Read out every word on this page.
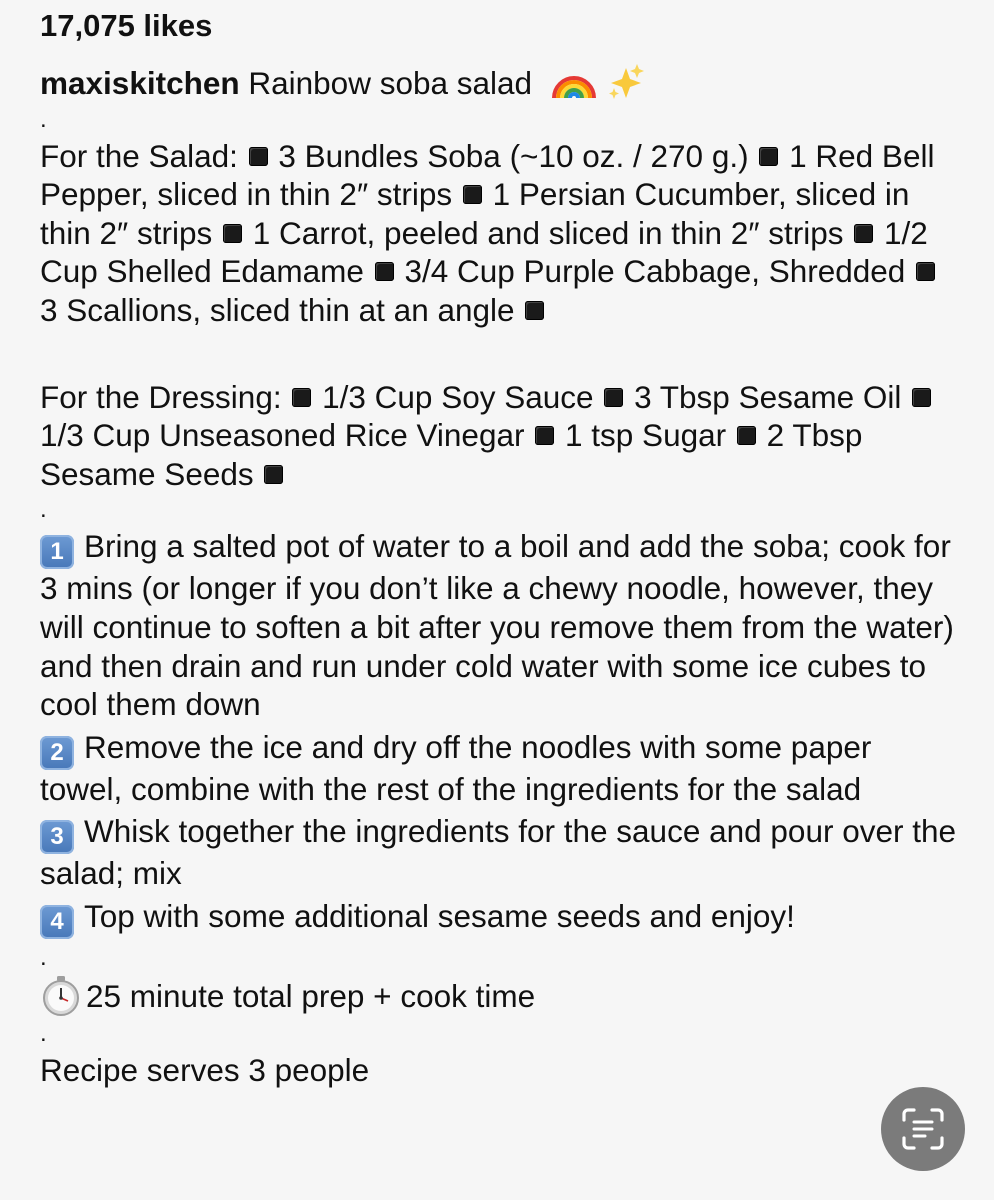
17,075 likes

maxiskitchen Rainbow soba salad

.

For the Salad: 3 Bundles Soba (~10 oz. / 270 g.) 1 Red Bell Pepper, sliced in thin 2″ strips 1 Persian Cucumber, sliced in thin 2″ strips 1 Carrot, peeled and sliced in thin 2″ strips  1/2 Cup Shelled Edamame 3/4 Cup Purple Cabbage, Shredded  3 Scallions, sliced thin at an angle

For the Dressing: 1/3 Cup Soy Sauce 3 Tbsp Sesame Oil  1/3 Cup Unseasoned Rice Vinegar 1 tsp Sugar 2 Tbsp Sesame Seeds

.

1 Bring a salted pot of water to a boil and add the soba; cook for 3 mins (or longer if you don’t like a chewy noodle, however, they will continue to soften a bit after you remove them from the water) and then drain and run under cold water with some ice cubes to cool them down

2 Remove the ice and dry off the noodles with some paper towel, combine with the rest of the ingredients for the salad

3 Whisk together the ingredients for the sauce and pour over the salad; mix

4 Top with some additional sesame seeds and enjoy!

.

25 minute total prep + cook time

.

Recipe serves 3 people
